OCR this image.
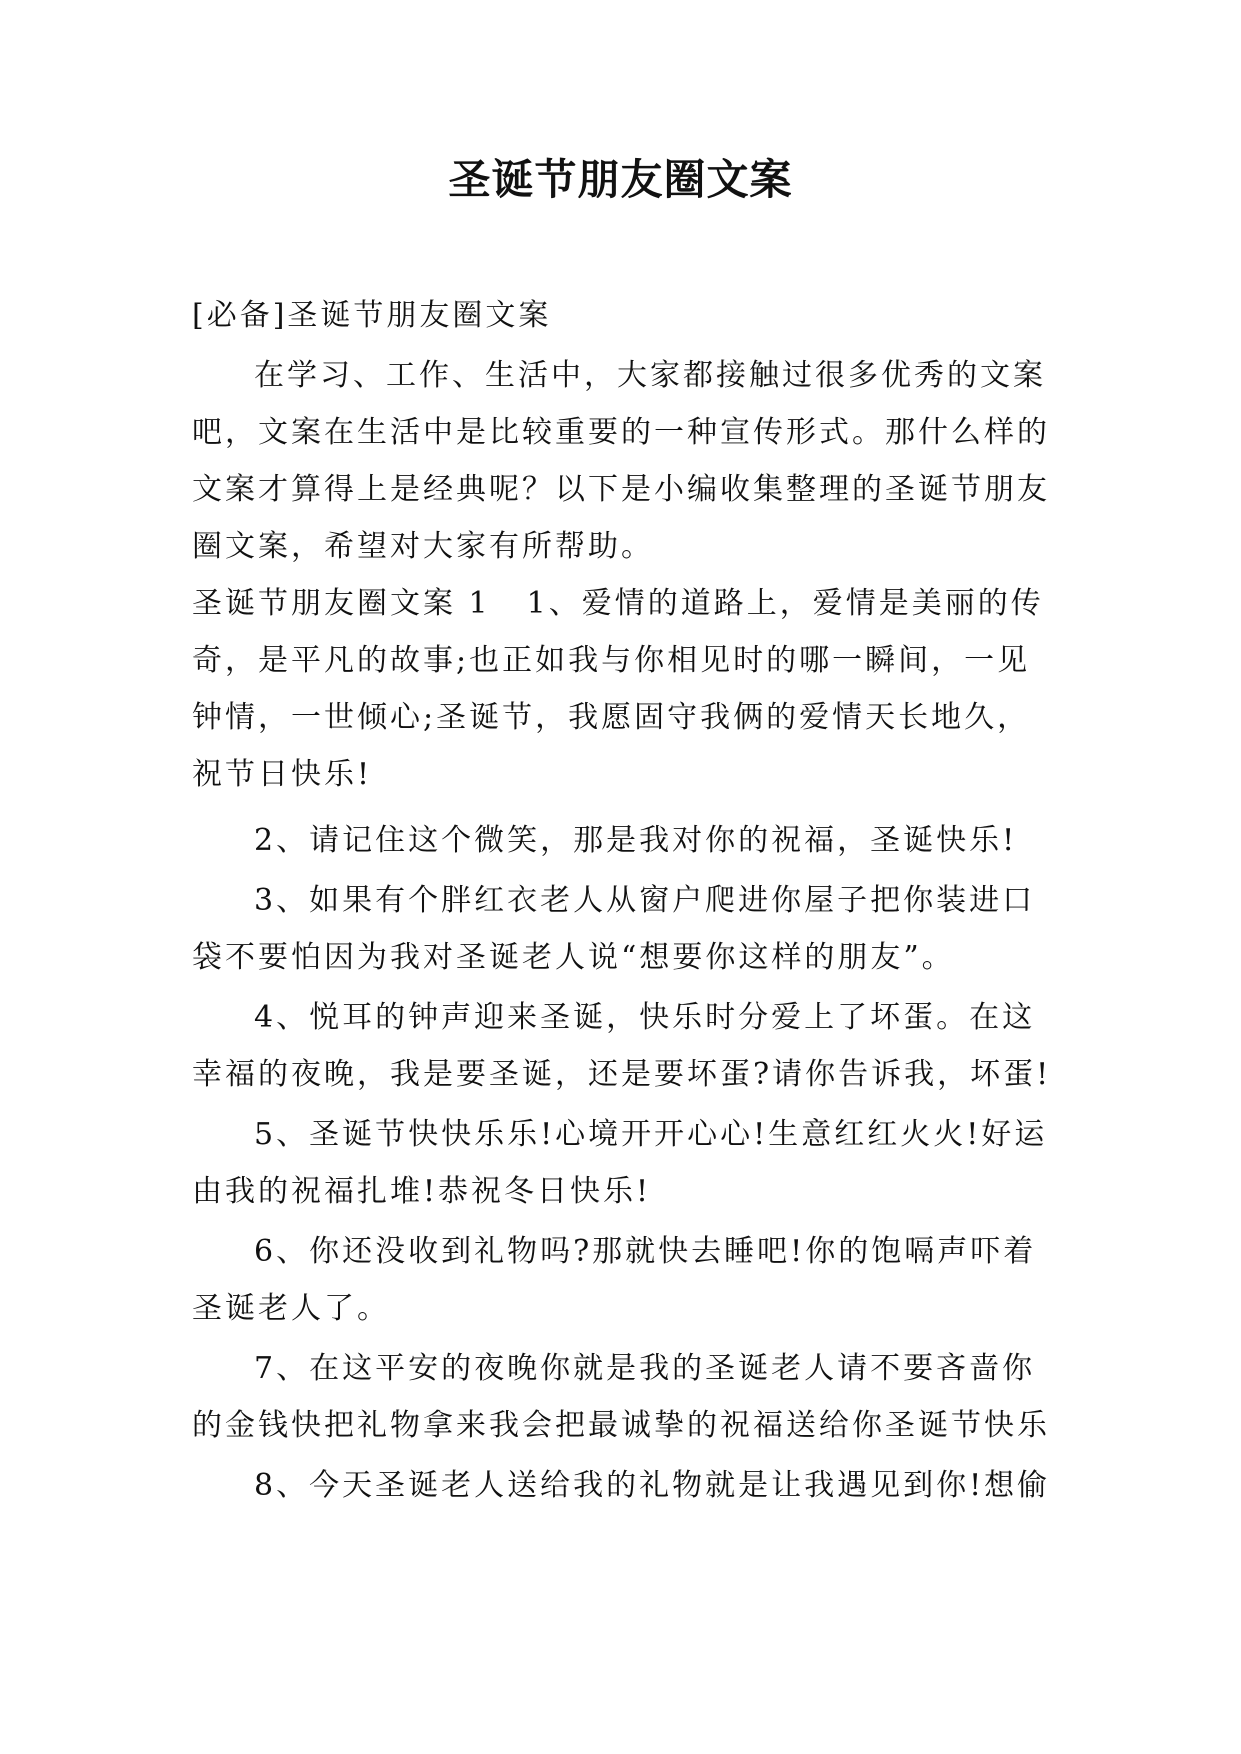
圣诞节朋友圈文案

[必备]圣诞节朋友圈文案

在学习、工作、生活中，大家都接触过很多优秀的文案吧，文案在生活中是比较重要的一种宣传形式。那什么样的文案才算得上是经典呢？以下是小编收集整理的圣诞节朋友圈文案，希望对大家有所帮助。

圣诞节朋友圈文案 1 1、爱情的道路上，爱情是美丽的传奇，是平凡的故事;也正如我与你相见时的哪一瞬间，一见钟情，一世倾心;圣诞节，我愿固守我俩的爱情天长地久，祝节日快乐!

2、请记住这个微笑，那是我对你的祝福，圣诞快乐!

3、如果有个胖红衣老人从窗户爬进你屋子把你装进口袋不要怕因为我对圣诞老人说“想要你这样的朋友”。

4、悦耳的钟声迎来圣诞，快乐时分爱上了坏蛋。在这幸福的夜晚，我是要圣诞，还是要坏蛋?请你告诉我，坏蛋!

5、圣诞节快快乐乐!心境开开心心!生意红红火火!好运由我的祝福扎堆!恭祝冬日快乐!

6、你还没收到礼物吗?那就快去睡吧!你的饱嗝声吓着圣诞老人了。

7、在这平安的夜晚你就是我的圣诞老人请不要吝啬你的金钱快把礼物拿来我会把最诚挚的祝福送给你圣诞节快乐

8、今天圣诞老人送给我的礼物就是让我遇见到你!想偷
